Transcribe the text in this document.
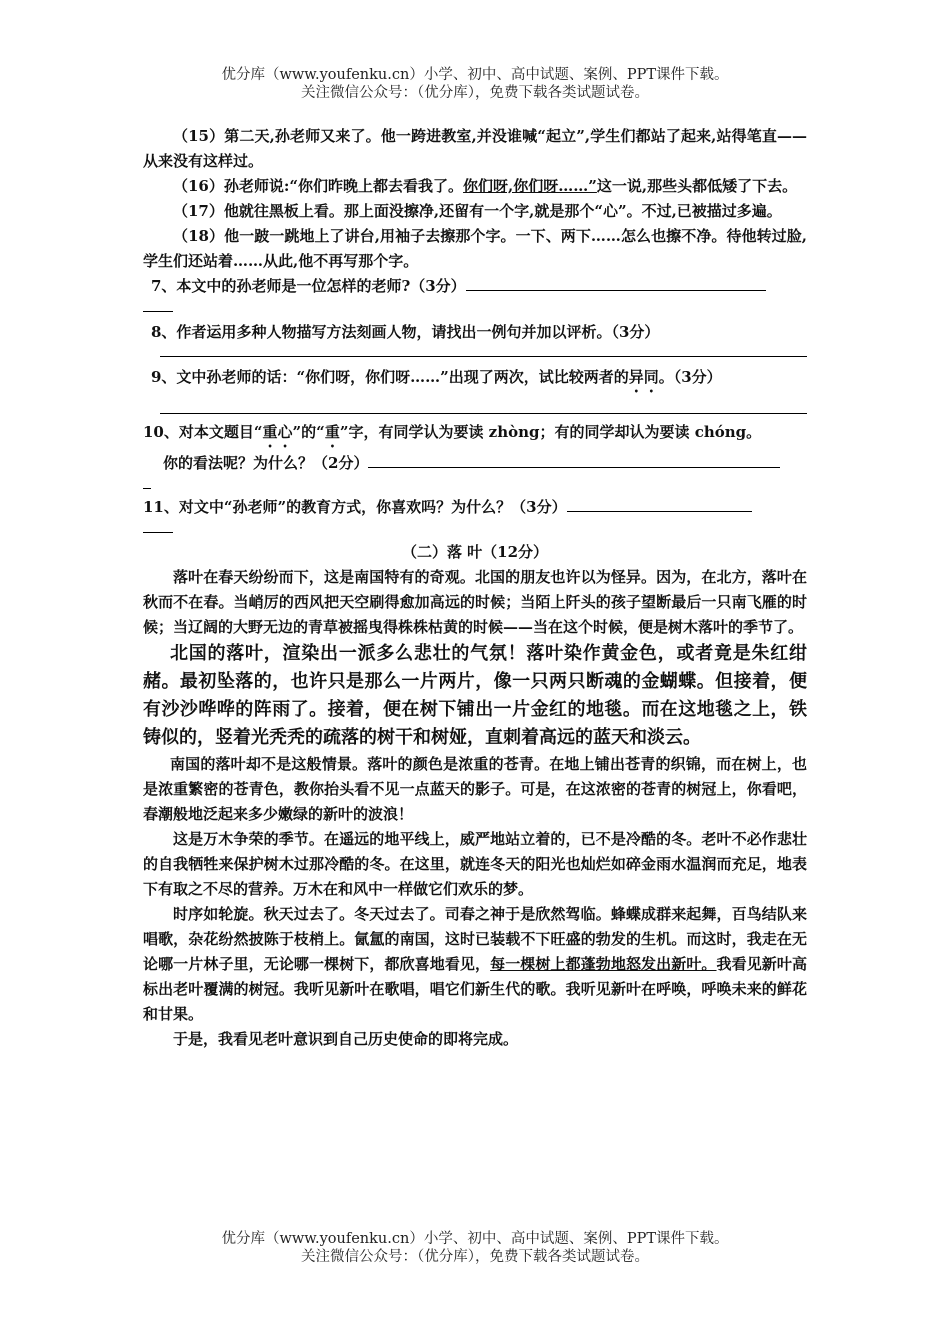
优分库（www.youfenku.cn）小学、初中、高中试题、案例、PPT课件下载。
关注微信公众号：（优分库），免费下载各类试题试卷。

（15）第二天,孙老师又来了。他一跨进教室,并没谁喊“起立”,学生们都站了起来,站得笔直——从来没有这样过。

（16）孙老师说:“你们昨晚上都去看我了。你们呀,你们呀……”这一说,那些头都低矮了下去。

（17）他就往黑板上看。那上面没擦净,还留有一个字,就是那个“心”。不过,已被描过多遍。

（18）他一跛一跳地上了讲台,用袖子去擦那个字。一下、两下……怎么也擦不净。待他转过脸,学生们还站着……从此,他不再写那个字。

7、本文中的孙老师是一位怎样的老师?（3分）

8、作者运用多种人物描写方法刻画人物，请找出一例句并加以评析。（3分）

9、文中孙老师的话：“你们呀，你们呀……”出现了两次，试比较两者的异同。（3分）

10、对本文题目“重心”的“重”字，有同学认为要读 zhòng；有的同学却认为要读 chóng。

你的看法呢？为什么？（2分）

11、对文中“孙老师”的教育方式，你喜欢吗？为什么？（3分）

（二）落 叶（12分）

落叶在春天纷纷而下，这是南国特有的奇观。北国的朋友也许以为怪异。因为，在北方，落叶在秋而不在春。当峭厉的西风把天空刷得愈加高远的时候；当陌上阡头的孩子望断最后一只南飞雁的时候；当辽阔的大野无边的青草被摇曳得株株枯黄的时候——当在这个时候，便是树木落叶的季节了。

北国的落叶，渲染出一派多么悲壮的气氛！落叶染作黄金色，或者竟是朱红绀赭。最初坠落的，也许只是那么一片两片，像一只两只断魂的金蝴蝶。但接着，便有沙沙哗哗的阵雨了。接着，便在树下铺出一片金红的地毯。而在这地毯之上，铁铸似的，竖着光秃秃的疏落的树干和树娅，直刺着高远的蓝天和淡云。

南国的落叶却不是这般情景。落叶的颜色是浓重的苍青。在地上铺出苍青的织锦，而在树上，也是浓重繁密的苍青色，教你抬头看不见一点蓝天的影子。可是，在这浓密的苍青的树冠上，你看吧，春潮般地泛起来多少嫩绿的新叶的波浪！

这是万木争荣的季节。在遥远的地平线上，威严地站立着的，已不是冷酷的冬。老叶不必作悲壮的自我牺牲来保护树木过那冷酷的冬。在这里，就连冬天的阳光也灿烂如碎金雨水温润而充足，地表下有取之不尽的营养。万木在和风中一样做它们欢乐的梦。

时序如轮旋。秋天过去了。冬天过去了。司春之神于是欣然驾临。蜂蝶成群来起舞，百鸟结队来唱歌，杂花纷然披陈于枝梢上。氤氲的南国，这时已装载不下旺盛的勃发的生机。而这时，我走在无论哪一片林子里，无论哪一棵树下，都欣喜地看见，每一棵树上都蓬勃地怒发出新叶。我看见新叶高标出老叶覆满的树冠。我听见新叶在歌唱，唱它们新生代的歌。我听见新叶在呼唤，呼唤未来的鲜花和甘果。

于是，我看见老叶意识到自己历史使命的即将完成。

优分库（www.youfenku.cn）小学、初中、高中试题、案例、PPT课件下载。
关注微信公众号：（优分库），免费下载各类试题试卷。
